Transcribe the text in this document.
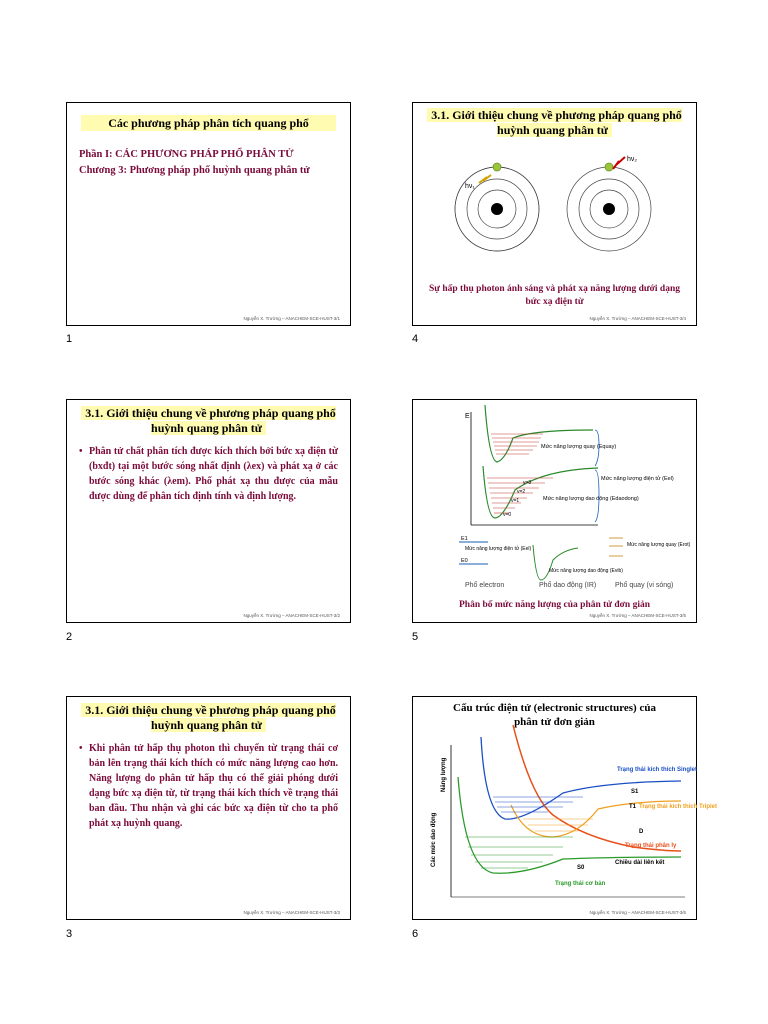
Các phương pháp phân tích quang phổ
Phần I: CÁC PHƯƠNG PHÁP PHỔ PHÂN TỬ
Chương 3: Phương pháp phổ huỳnh quang phân tử
Nguyễn X. Trường – ANACHEM-SCE-HUST-3/1
1
3.1. Giới thiệu chung về phương pháp quang phổ huỳnh quang phân tử
hν₁
hν₂
Sự hấp thụ photon ánh sáng và phát xạ năng lượng dưới dạng bức xạ điện từ
Nguyễn X. Trường – ANACHEM-SCE-HUST-3/4
4
3.1. Giới thiệu chung về phương pháp quang phổ huỳnh quang phân tử
• Phân tử chất phân tích được kích thích bởi bức xạ điện từ (bxđt) tại một bước sóng nhất định (λex) và phát xạ ở các bước sóng khác (λem). Phổ phát xạ thu được của mẫu được dùng để phân tích định tính và định lượng.
Nguyễn X. Trường – ANACHEM-SCE-HUST-3/2
2
E
Mức năng lượng quay (Equay)
Mức năng lượng điện tử (Eel)
Mức năng lượng dao động (Edaodong)
v=3
v=2
v=1
v=0
E1
E0
Mức năng lượng điện tử (Eel)
Mức năng lượng dao động (Evib)
Mức năng lượng quay (Erot)
Phổ electron	Phổ dao động (IR)	Phổ quay (vi sóng)
Phân bố mức năng lượng của phân tử đơn giản
Nguyễn X. Trường – ANACHEM-SCE-HUST-3/5
5
3.1. Giới thiệu chung về phương pháp quang phổ huỳnh quang phân tử
• Khi phân tử hấp thụ photon thì chuyển từ trạng thái cơ bản lên trạng thái kích thích có mức năng lượng cao hơn. Năng lượng do phân tử hấp thụ có thể giải phóng dưới dạng bức xạ điện từ, từ trạng thái kích thích về trạng thái ban đầu. Thu nhận và ghi các bức xạ điện từ cho ta phổ phát xạ huỳnh quang.
Nguyễn X. Trường – ANACHEM-SCE-HUST-3/3
3
Cấu trúc điện tử (electronic structures) của phân tử đơn giản
Năng lượng
Các mức dao động
Trạng thái kích thích Singlet
S1
T1 Trạng thái kích thích Triplet
D
Trạng thái phân ly
Chiều dài liên kết
S0
Trạng thái cơ bản
Nguyễn X. Trường – ANACHEM-SCE-HUST-3/6
6
